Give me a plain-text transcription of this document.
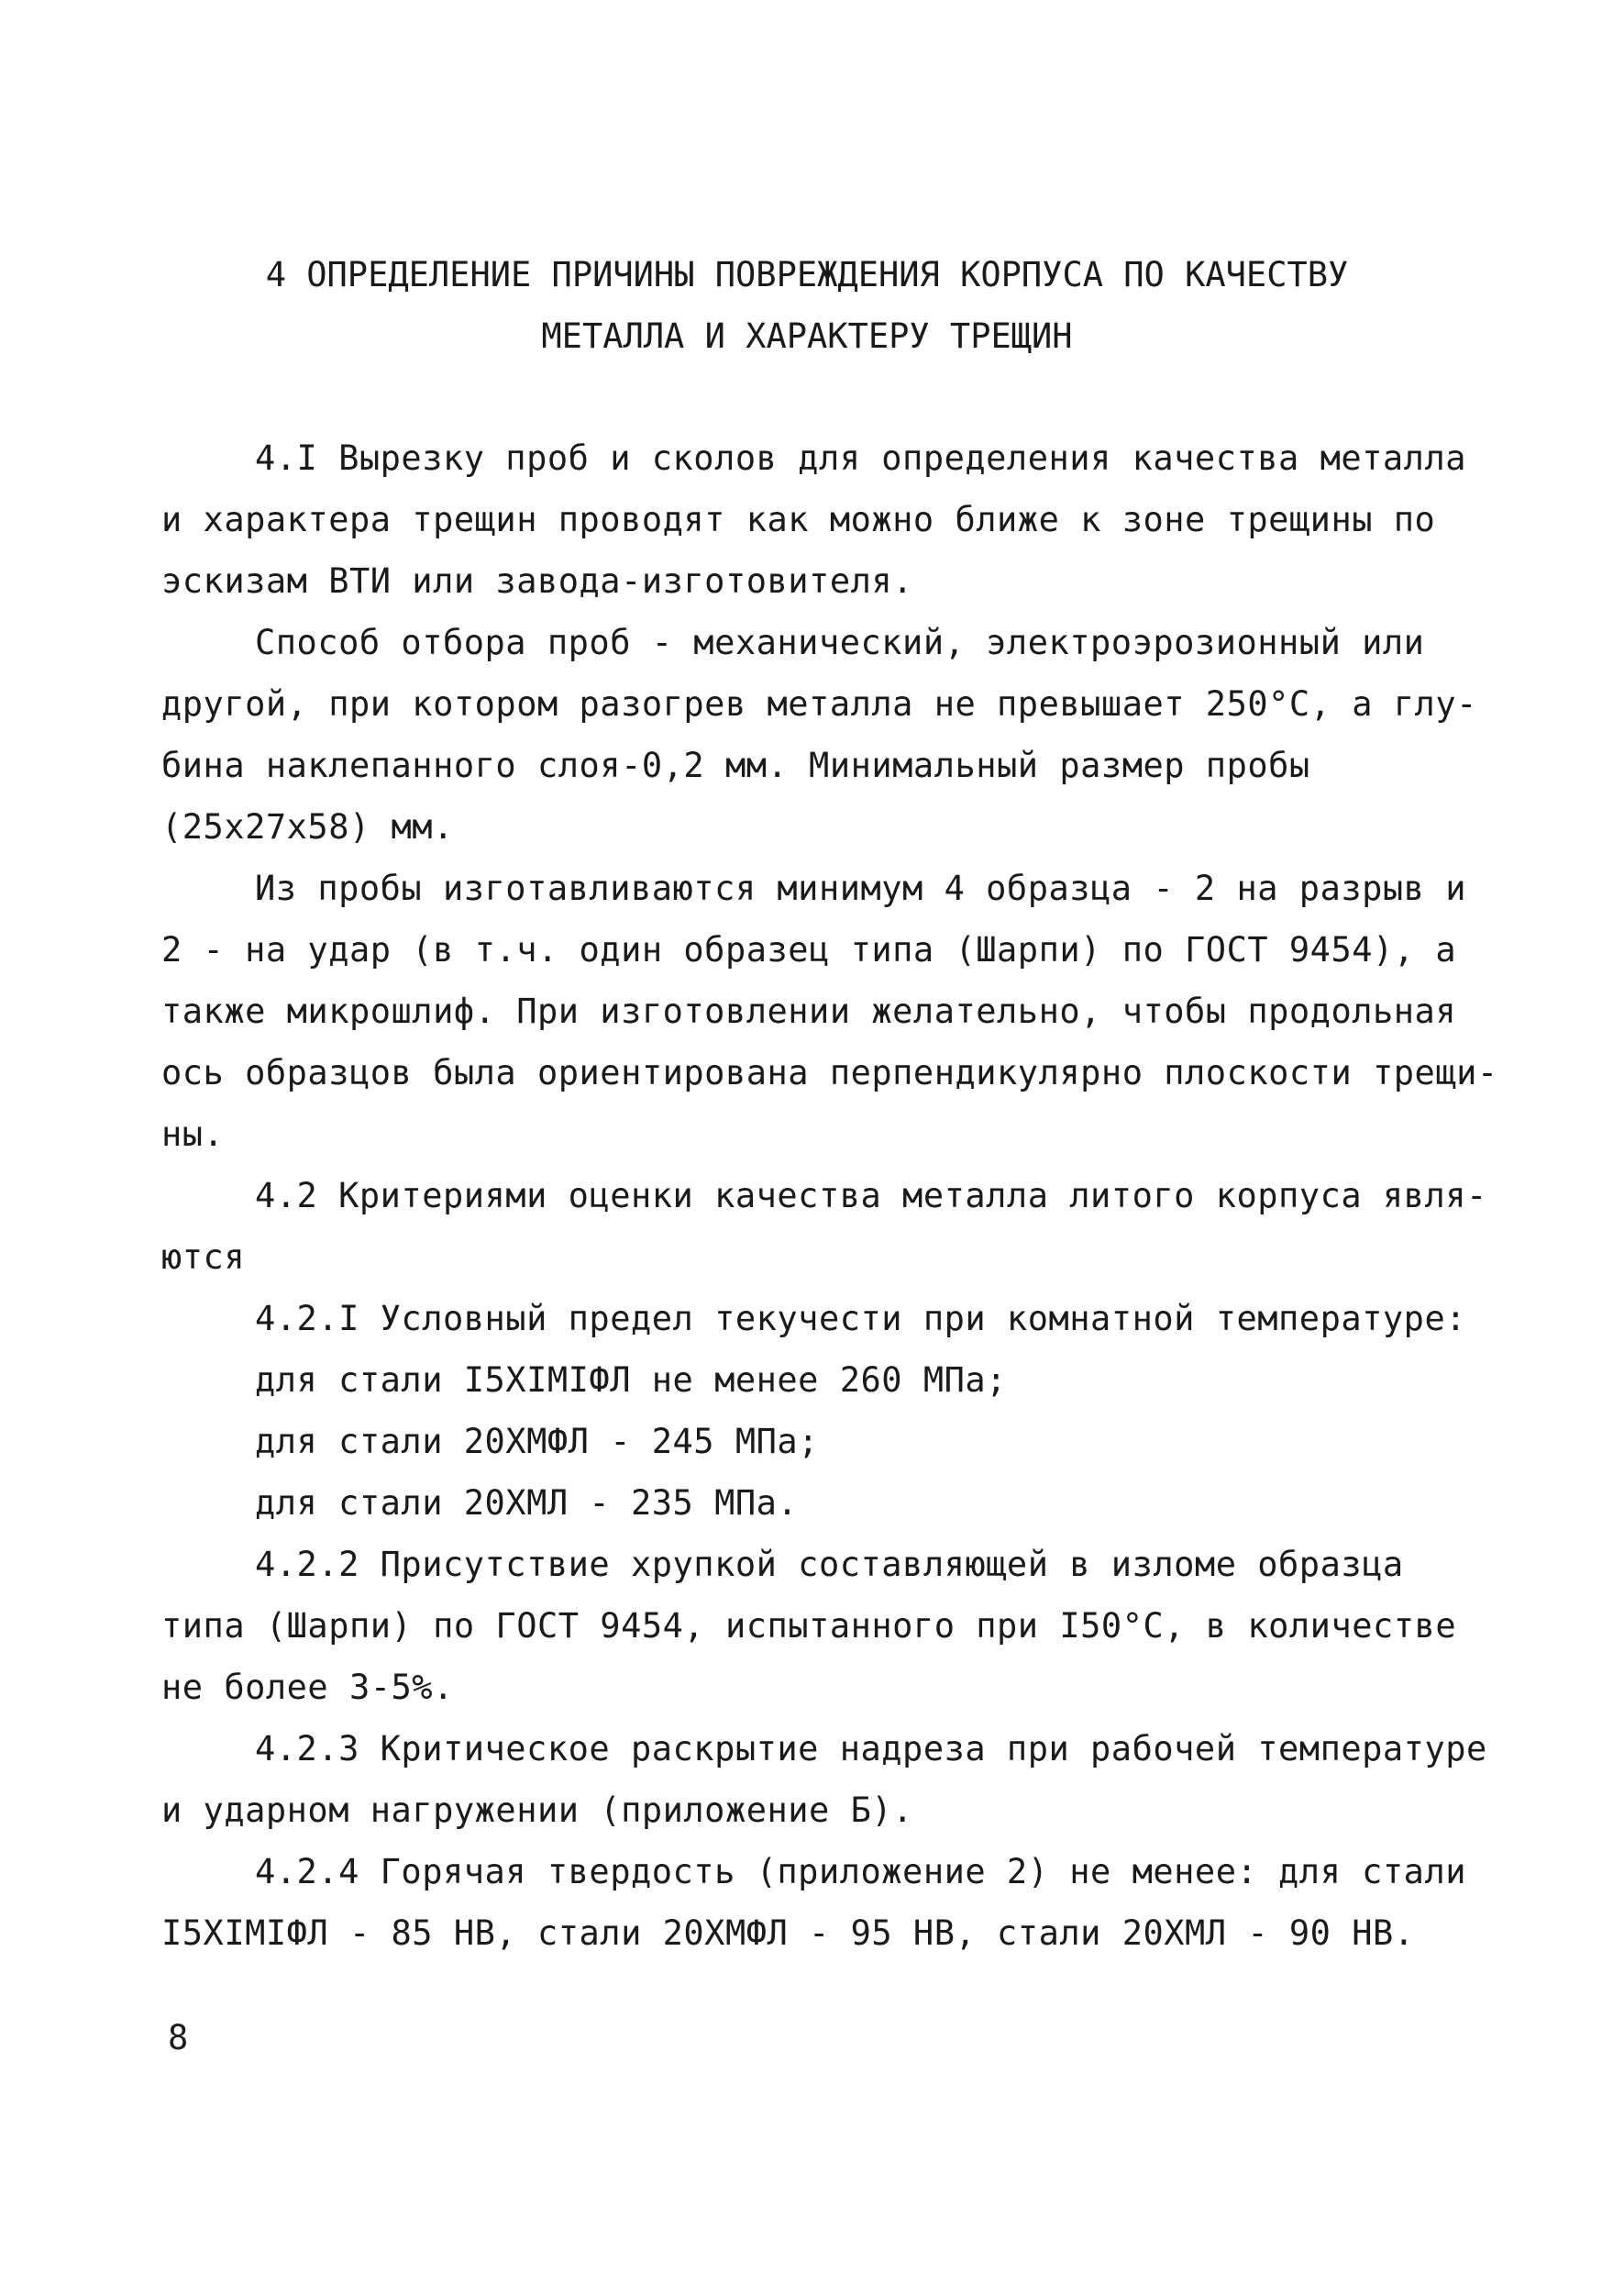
4 ОПРЕДЕЛЕНИЕ ПРИЧИНЫ ПОВРЕЖДЕНИЯ КОРПУСА ПО КАЧЕСТВУ
МЕТАЛЛА И ХАРАКТЕРУ ТРЕЩИН
4.I Вырезку проб и сколов для определения качества металла
и характера трещин проводят как можно ближе к зоне трещины по
эскизам ВТИ или завода-изготовителя.
Способ отбора проб - механический, электроэрозионный или
другой, при котором разогрев металла не превышает 250°С, а глу-
бина наклепанного слоя-0,2 мм. Минимальный размер пробы
(25x27x58) мм.
Из пробы изготавливаются минимум 4 образца - 2 на разрыв и
2 - на удар (в т.ч. один образец типа (Шарпи) по ГОСТ 9454), а
также микрошлиф. При изготовлении желательно, чтобы продольная
ось образцов была ориентирована перпендикулярно плоскости трещи-
ны.
4.2 Критериями оценки качества металла литого корпуса явля-
ются
4.2.I Условный предел текучести при комнатной температуре:
для стали I5XIMIФЛ не менее 260 МПа;
для стали 20ХМФЛ - 245 МПа;
для стали 20ХМЛ - 235 МПа.
4.2.2 Присутствие хрупкой составляющей в изломе образца
типа (Шарпи) по ГОСТ 9454, испытанного при I50°С, в количестве
не более 3-5%.
4.2.3 Критическое раскрытие надреза при рабочей температуре
и ударном нагружении (приложение Б).
4.2.4 Горячая твердость (приложение 2) не менее: для стали
I5XIMIФЛ - 85 НВ, стали 20ХМФЛ - 95 НВ, стали 20ХМЛ - 90 НВ.
8
